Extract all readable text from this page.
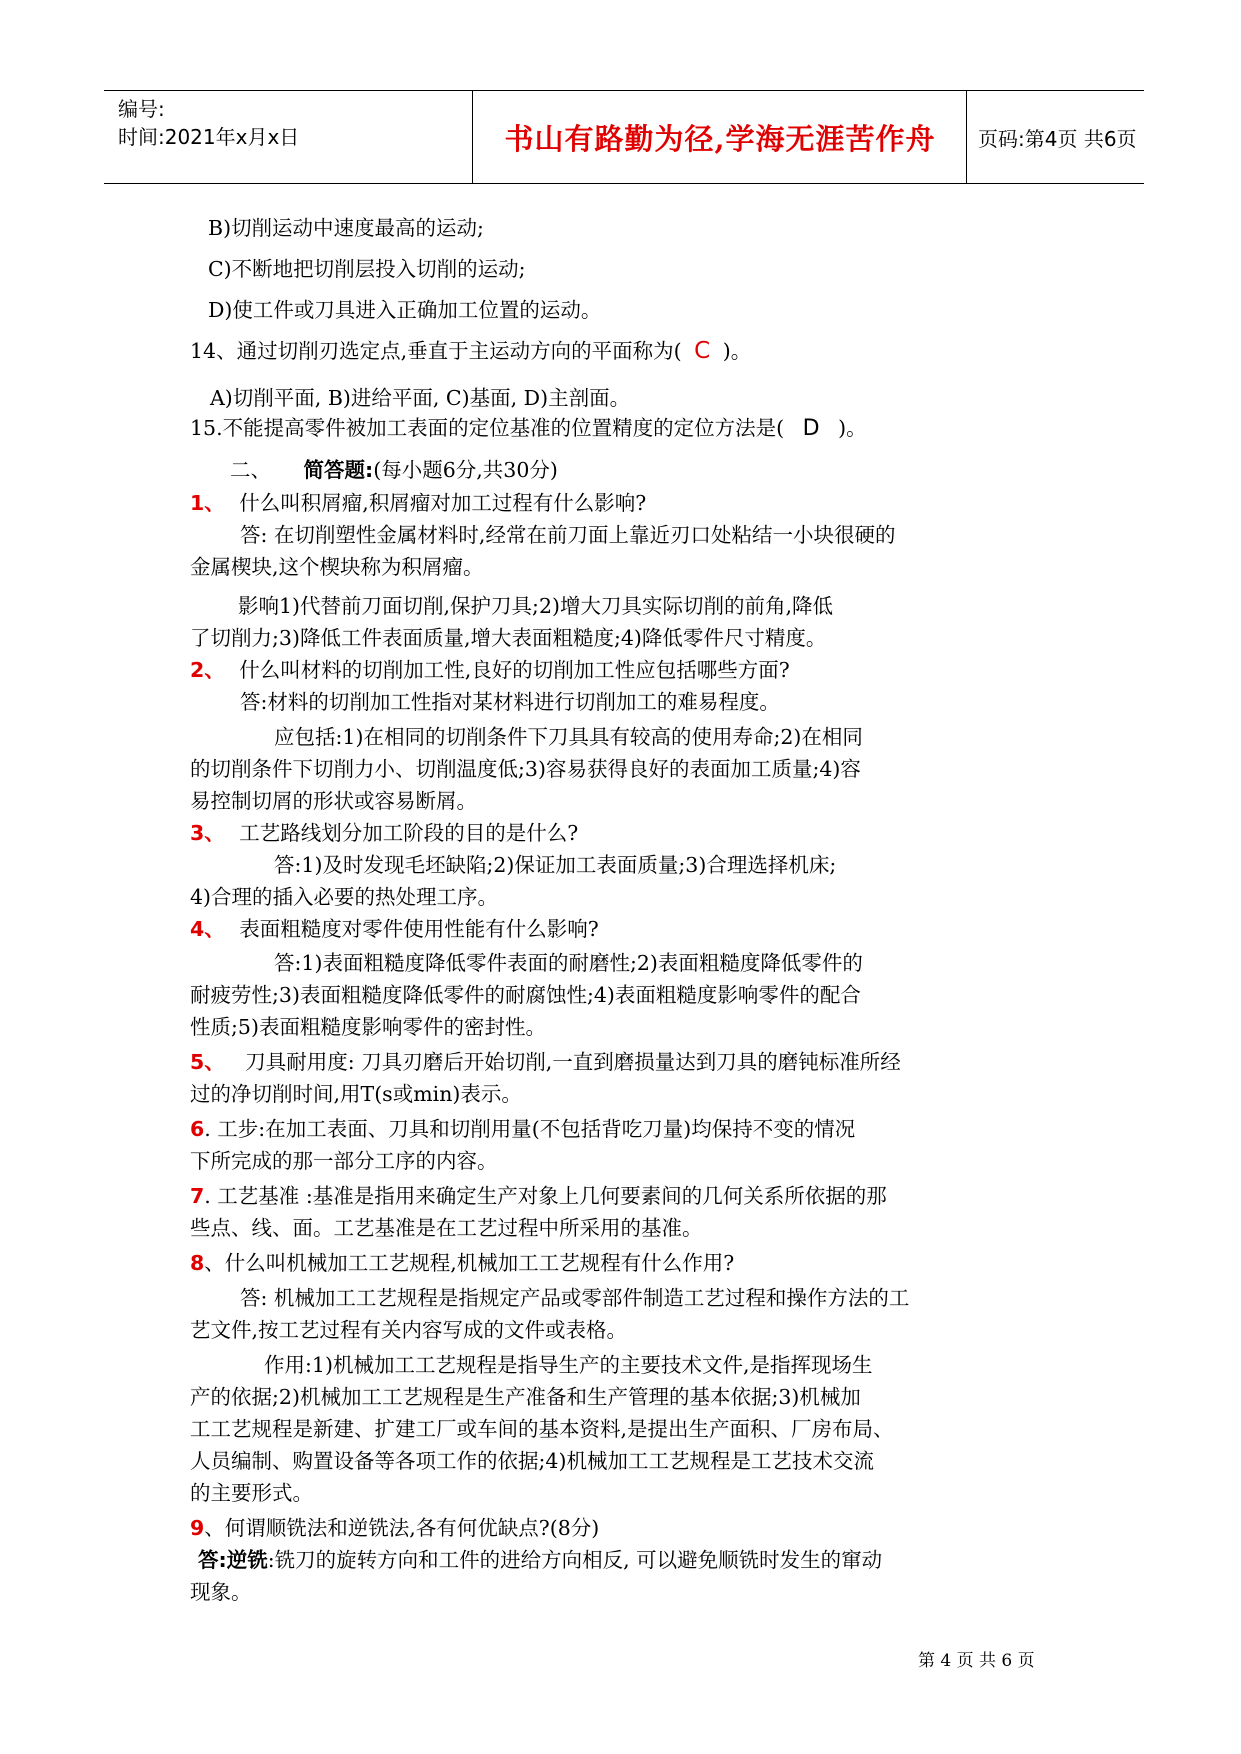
编号:
时间:2021年x月x日	书山有路勤为径,学海无涯苦作舟	页码:第4页 共6页
B)切削运动中速度最高的运动;
C)不断地把切削层投入切削的运动;
D)使工件或刀具进入正确加工位置的运动。
14、通过切削刃选定点,垂直于主运动方向的平面称为( C )。
A)切削平面, B)进给平面, C)基面, D)主剖面。
15.不能提高零件被加工表面的定位基准的位置精度的定位方法是( D )。
二、 简答题:(每小题6分,共30分)
1、 什么叫积屑瘤,积屑瘤对加工过程有什么影响?
答: 在切削塑性金属材料时,经常在前刀面上靠近刃口处粘结一小块很硬的
金属楔块,这个楔块称为积屑瘤。
影响1)代替前刀面切削,保护刀具;2)增大刀具实际切削的前角,降低
了切削力;3)降低工件表面质量,增大表面粗糙度;4)降低零件尺寸精度。
2、 什么叫材料的切削加工性,良好的切削加工性应包括哪些方面?
答:材料的切削加工性指对某材料进行切削加工的难易程度。
应包括:1)在相同的切削条件下刀具具有较高的使用寿命;2)在相同
的切削条件下切削力小、切削温度低;3)容易获得良好的表面加工质量;4)容
易控制切屑的形状或容易断屑。
3、 工艺路线划分加工阶段的目的是什么?
答:1)及时发现毛坯缺陷;2)保证加工表面质量;3)合理选择机床;
4)合理的插入必要的热处理工序。
4、 表面粗糙度对零件使用性能有什么影响?
答:1)表面粗糙度降低零件表面的耐磨性;2)表面粗糙度降低零件的
耐疲劳性;3)表面粗糙度降低零件的耐腐蚀性;4)表面粗糙度影响零件的配合
性质;5)表面粗糙度影响零件的密封性。
5、 刀具耐用度: 刀具刃磨后开始切削,一直到磨损量达到刀具的磨钝标准所经
过的净切削时间,用T(s或min)表示。
6. 工步:在加工表面、刀具和切削用量(不包括背吃刀量)均保持不变的情况
下所完成的那一部分工序的内容。
7. 工艺基准 :基准是指用来确定生产对象上几何要素间的几何关系所依据的那
些点、线、面。工艺基准是在工艺过程中所采用的基准。
8、什么叫机械加工工艺规程,机械加工工艺规程有什么作用?
答: 机械加工工艺规程是指规定产品或零部件制造工艺过程和操作方法的工
艺文件,按工艺过程有关内容写成的文件或表格。
作用:1)机械加工工艺规程是指导生产的主要技术文件,是指挥现场生
产的依据;2)机械加工工艺规程是生产准备和生产管理的基本依据;3)机械加
工工艺规程是新建、扩建工厂或车间的基本资料,是提出生产面积、厂房布局、
人员编制、购置设备等各项工作的依据;4)机械加工工艺规程是工艺技术交流
的主要形式。
9、何谓顺铣法和逆铣法,各有何优缺点?(8分)
答:逆铣:铣刀的旋转方向和工件的进给方向相反, 可以避免顺铣时发生的窜动
现象。
第 4 页 共 6 页
